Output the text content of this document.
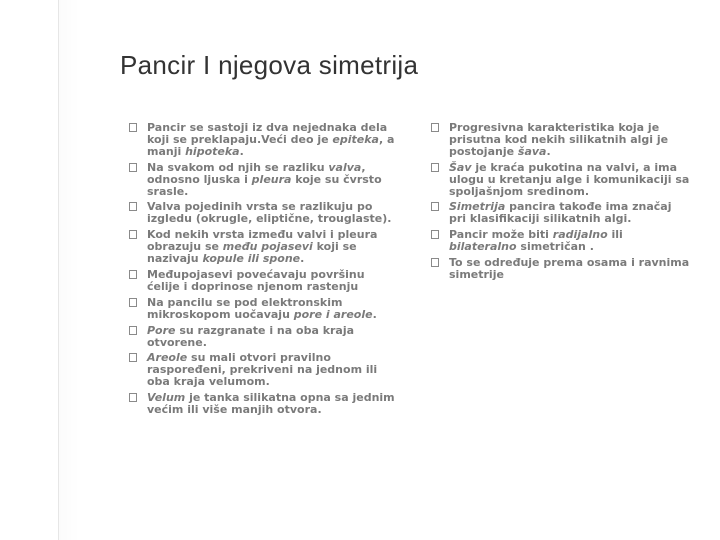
Pancir I njegova simetrija
Pancir se sastoji iz dva nejednaka dela koji se preklapaju.Veći deo je epiteka, a manji hipoteka.
Na svakom od njih se razliku valva, odnosno ljuska i pleura koje su čvrsto srasle.
Valva pojedinih vrsta se razlikuju po izgledu (okrugle, eliptične, trouglaste).
Kod nekih vrsta između valvi i pleura obrazuju se među pojasevi koji se nazivaju kopule ili spone.
Međupojasevi povećavaju površinu ćelije i doprinose njenom rastenju
Na pancilu se pod elektronskim mikroskopom uočavaju pore i areole.
Pore su razgranate i na oba kraja otvorene.
Areole su mali otvori pravilno raspoređeni, prekriveni na jednom ili oba kraja velumom.
Velum je tanka silikatna opna sa jednim većim ili više manjih otvora.
Progresivna karakteristika koja je prisutna kod nekih silikatnih algi je postojanje šava.
Šav je kraća pukotina na valvi, a ima ulogu u kretanju alge i komunikaciji sa spoljašnjom sredinom.
Simetrija pancira takođe ima značaj pri klasifikaciji silikatnih algi.
Pancir može biti radijalno ili bilateralno simetričan .
To se određuje prema osama i ravnima simetrije
